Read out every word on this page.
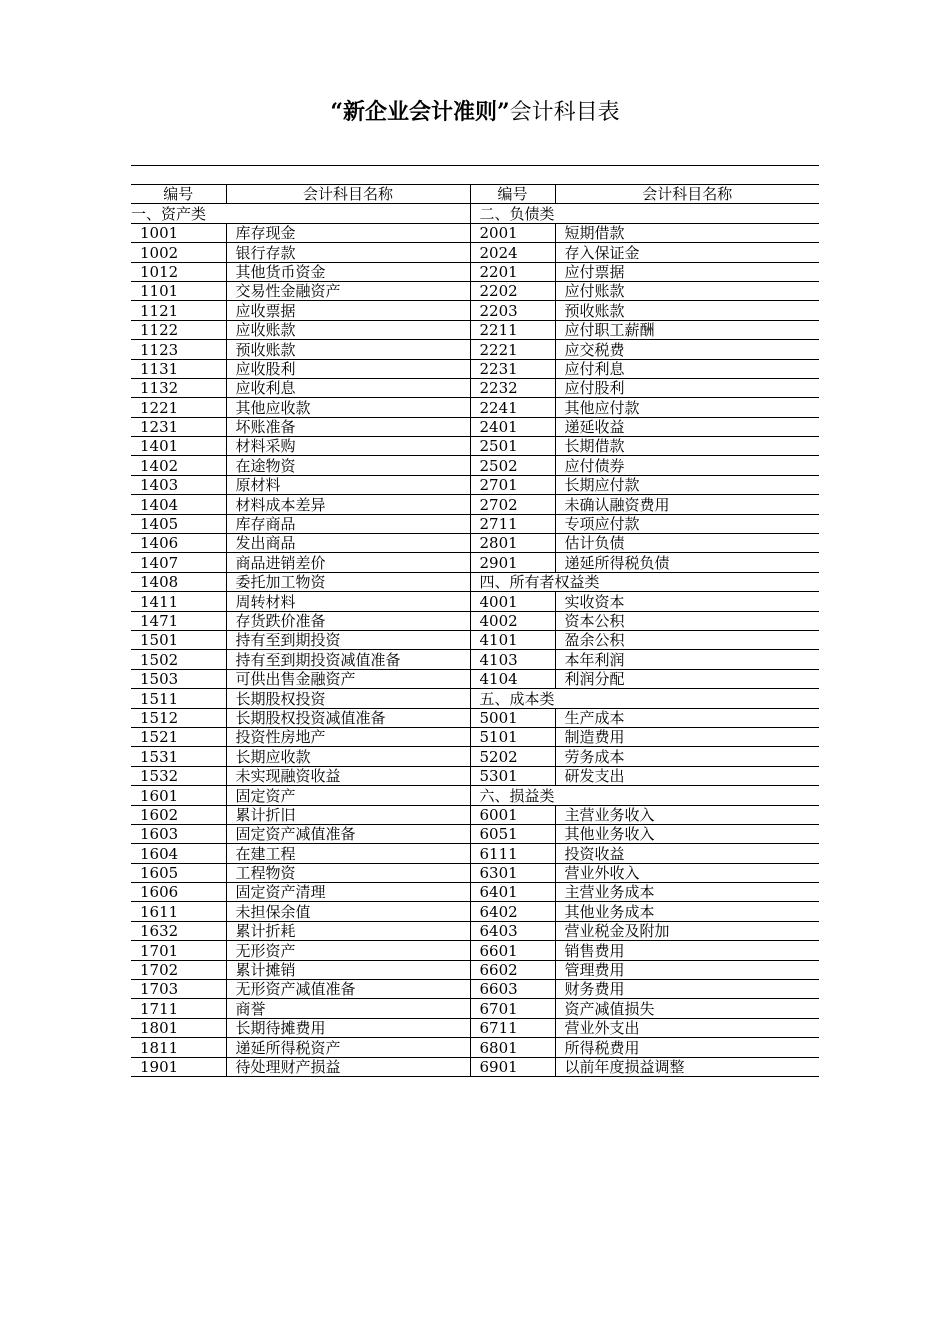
“新企业会计准则”会计科目表
编号	会计科目名称	编号	会计科目名称
一、资产类		二、负债类	
1001	库存现金	2001	短期借款
1002	银行存款	2024	存入保证金
1012	其他货币资金	2201	应付票据
1101	交易性金融资产	2202	应付账款
1121	应收票据	2203	预收账款
1122	应收账款	2211	应付职工薪酬
1123	预收账款	2221	应交税费
1131	应收股利	2231	应付利息
1132	应收利息	2232	应付股利
1221	其他应收款	2241	其他应付款
1231	坏账准备	2401	递延收益
1401	材料采购	2501	长期借款
1402	在途物资	2502	应付债券
1403	原材料	2701	长期应付款
1404	材料成本差异	2702	未确认融资费用
1405	库存商品	2711	专项应付款
1406	发出商品	2801	估计负债
1407	商品进销差价	2901	递延所得税负债
1408	委托加工物资	四、所有者权益类	
1411	周转材料	4001	实收资本
1471	存货跌价准备	4002	资本公积
1501	持有至到期投资	4101	盈余公积
1502	持有至到期投资减值准备	4103	本年利润
1503	可供出售金融资产	4104	利润分配
1511	长期股权投资	五、成本类	
1512	长期股权投资减值准备	5001	生产成本
1521	投资性房地产	5101	制造费用
1531	长期应收款	5202	劳务成本
1532	未实现融资收益	5301	研发支出
1601	固定资产	六、损益类	
1602	累计折旧	6001	主营业务收入
1603	固定资产减值准备	6051	其他业务收入
1604	在建工程	6111	投资收益
1605	工程物资	6301	营业外收入
1606	固定资产清理	6401	主营业务成本
1611	未担保余值	6402	其他业务成本
1632	累计折耗	6403	营业税金及附加
1701	无形资产	6601	销售费用
1702	累计摊销	6602	管理费用
1703	无形资产减值准备	6603	财务费用
1711	商誉	6701	资产减值损失
1801	长期待摊费用	6711	营业外支出
1811	递延所得税资产	6801	所得税费用
1901	待处理财产损益	6901	以前年度损益调整
